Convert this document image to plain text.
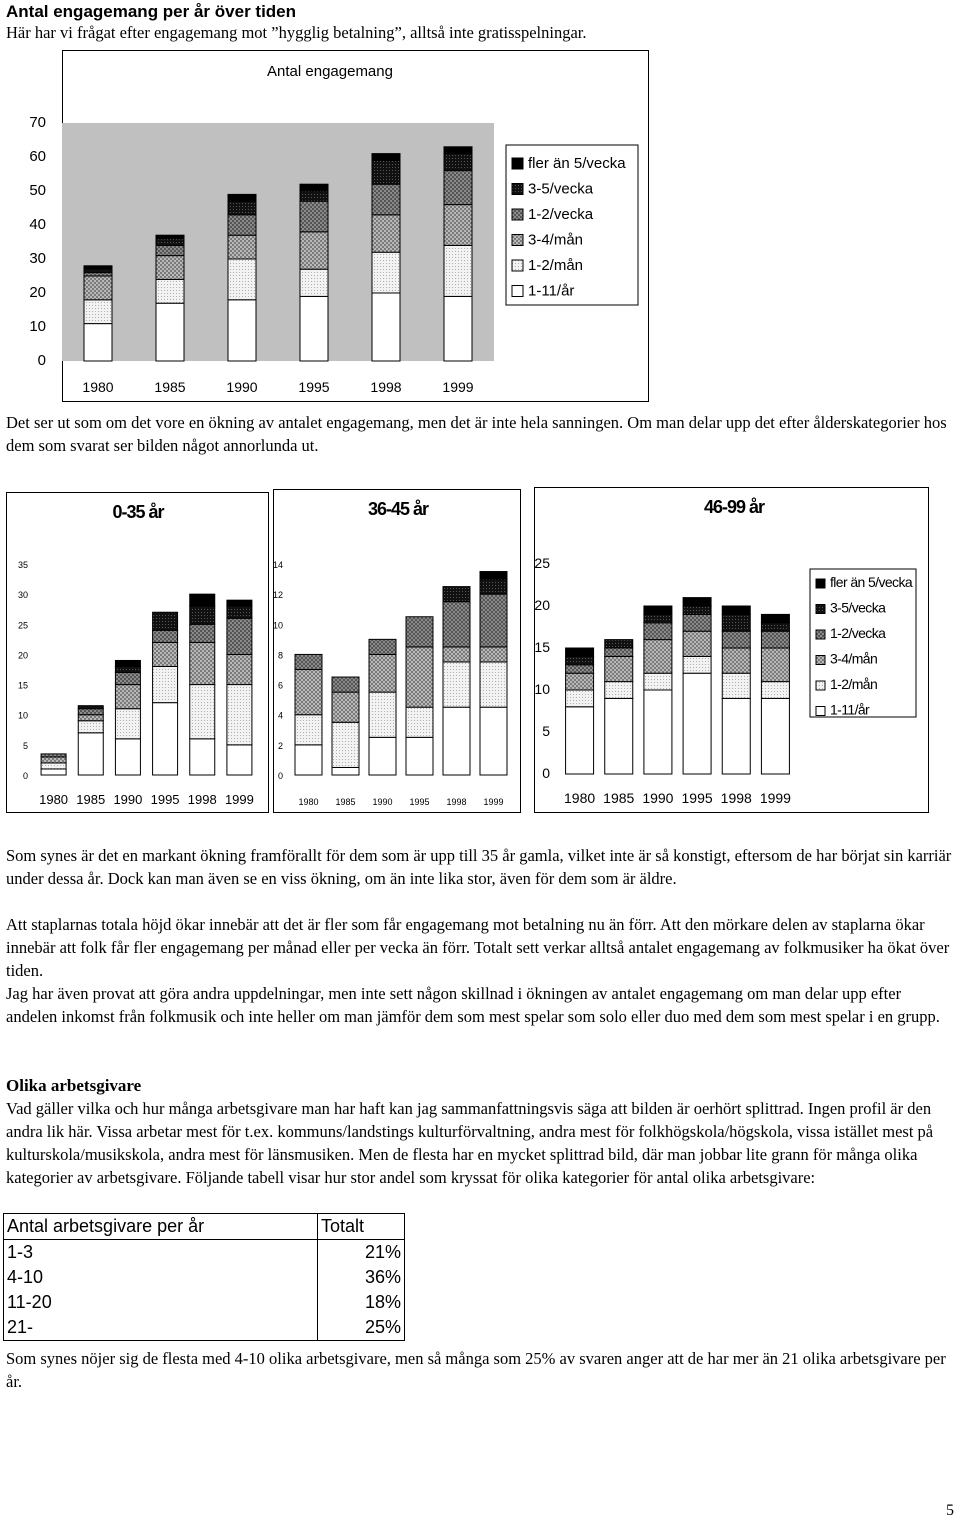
Antal engagemang per år över tiden
Här har vi frågat efter engagemang mot ”hygglig betalning”, alltså inte gratisspelningar.
Antal engagemang
1980	1985	1990	1995	1998	1999
fler än 5/vecka
3-5/vecka
1-2/vecka
3-4/mån
1-2/mån
1-11/år
Det ser ut som om det vore en ökning av antalet engagemang, men det är inte hela sanningen. Om man delar upp det efter ålderskategorier hos dem som svarat ser bilden något annorlunda ut.
0-35 år
0
5
10
15
20
25
30
35
1980 1985 1990 1995 1998 1999
36-45 år
0
2
4
6
8
10
12
14
1980 1985 1990 1995 1998 1999
46-99 år
0
5
10
15
20
25
1980 1985 1990 1995 1998 1999
fler än 5/vecka
3-5/vecka
1-2/vecka
3-4/mån
1-2/mån
1-11/år
Som synes är det en markant ökning framförallt för dem som är upp till 35 år gamla, vilket inte är så konstigt, eftersom de har börjat sin karriär under dessa år. Dock kan man även se en viss ökning, om än inte lika stor, även för dem som är äldre.
Att staplarnas totala höjd ökar innebär att det är fler som får engagemang mot betalning nu än förr. Att den mörkare delen av staplarna ökar innebär att folk får fler engagemang per månad eller per vecka än förr. Totalt sett verkar alltså antalet engagemang av folkmusiker ha ökat över tiden.
Jag har även provat att göra andra uppdelningar, men inte sett någon skillnad i ökningen av antalet engagemang om man delar upp efter andelen inkomst från folkmusik och inte heller om man jämför dem som mest spelar som solo eller duo med dem som mest spelar i en grupp.
Olika arbetsgivare
Vad gäller vilka och hur många arbetsgivare man har haft kan jag sammanfattningsvis säga att bilden är oerhört splittrad. Ingen profil är den andra lik här. Vissa arbetar mest för t.ex. kommuns/landstings kulturförvaltning, andra mest för folkhögskola/högskola, vissa istället mest på kulturskola/musikskola, andra mest för länsmusiken. Men de flesta har en mycket splittrad bild, där man jobbar lite grann för många olika kategorier av arbetsgivare. Följande tabell visar hur stor andel som kryssat för olika kategorier för antal olika arbetsgivare:
Antal arbetsgivare per år	Totalt
1-3	21%
4-10	36%
11-20	18%
21-	25%
Som synes nöjer sig de flesta med 4-10 olika arbetsgivare, men så många som 25% av svaren anger att de har mer än 21 olika arbetsgivare per år.
5
0
10
20
30
40
50
60
70
